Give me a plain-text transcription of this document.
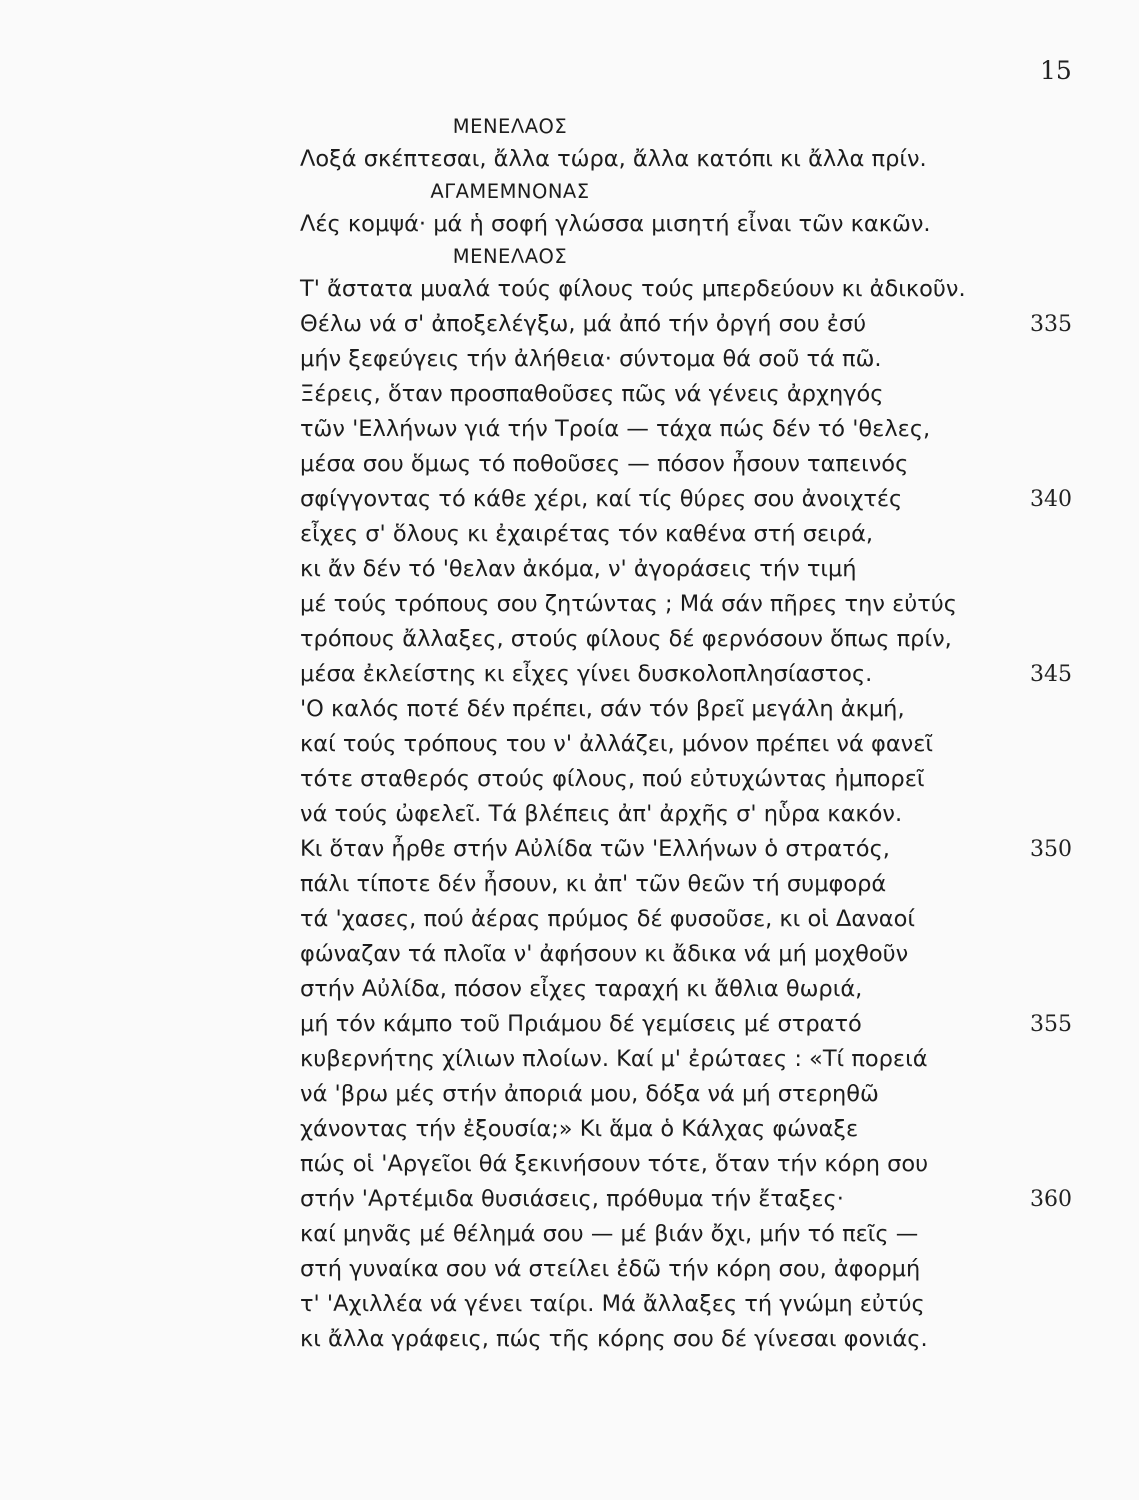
15
ΜΕΝΕΛΑΟΣ
Λοξά σκέπτεσαι, ἄλλα τώρα, ἄλλα κατόπι κι ἄλλα πρίν.
ΑΓΑΜΕΜΝΟΝΑΣ
Λές κομψά· μά ἡ σοφή γλώσσα μισητή εἶναι τῶν κακῶν.
ΜΕΝΕΛΑΟΣ
Τ' ἄστατα μυαλά τούς φίλους τούς μπερδεύουν κι ἀδικοῦν.
Θέλω νά σ' ἀποξελέγξω, μά ἀπό τήν ὀργή σου ἐσύ	335
μήν ξεφεύγεις τήν ἀλήθεια· σύντομα θά σοῦ τά πῶ.
Ξέρεις, ὅταν προσπαθοῦσες πῶς νά γένεις ἀρχηγός
τῶν 'Ελλήνων γιά τήν Τροία — τάχα πώς δέν τό 'θελες,
μέσα σου ὅμως τό ποθοῦσες — πόσον ἦσουν ταπεινός
σφίγγοντας τό κάθε χέρι, καί τίς θύρες σου ἀνοιχτές	340
εἶχες σ' ὅλους κι ἐχαιρέτας τόν καθένα στή σειρά,
κι ἄν δέν τό 'θελαν ἀκόμα, ν' ἀγοράσεις τήν τιμή
μέ τούς τρόπους σου ζητώντας ; Μά σάν πῆρες την εὐτύς
τρόπους ἄλλαξες, στούς φίλους δέ φερνόσουν ὅπως πρίν,
μέσα ἐκλείστης κι εἶχες γίνει δυσκολοπλησίαστος.	345
'Ο καλός ποτέ δέν πρέπει, σάν τόν βρεῖ μεγάλη ἀκμή,
καί τούς τρόπους του ν' ἀλλάζει, μόνον πρέπει νά φανεῖ
τότε σταθερός στούς φίλους, πού εὐτυχώντας ἠμπορεῖ
νά τούς ὠφελεῖ. Τά βλέπεις ἀπ' ἀρχῆς σ' ηὗρα κακόν.
Κι ὅταν ἦρθε στήν Αὐλίδα τῶν 'Ελλήνων ὁ στρατός,	350
πάλι τίποτε δέν ἦσουν, κι ἀπ' τῶν θεῶν τή συμφορά
τά 'χασες, πού ἀέρας πρύμος δέ φυσοῦσε, κι οἱ Δαναοί
φώναζαν τά πλοῖα ν' ἀφήσουν κι ἄδικα νά μή μοχθοῦν
στήν Αὐλίδα, πόσον εἶχες ταραχή κι ἄθλια θωριά,
μή τόν κάμπο τοῦ Πριάμου δέ γεμίσεις μέ στρατό	355
κυβερνήτης χίλιων πλοίων. Καί μ' ἐρώταες : «Τί πορειά
νά 'βρω μές στήν ἀποριά μου, δόξα νά μή στερηθῶ
χάνοντας τήν ἐξουσία;» Κι ἅμα ὁ Κάλχας φώναξε
πώς οἱ 'Αργεῖοι θά ξεκινήσουν τότε, ὅταν τήν κόρη σου
στήν 'Αρτέμιδα θυσιάσεις, πρόθυμα τήν ἔταξες·	360
καί μηνᾶς μέ θέλημά σου — μέ βιάν ὄχι, μήν τό πεῖς —
στή γυναίκα σου νά στείλει ἐδῶ τήν κόρη σου, ἀφορμή
τ' 'Αχιλλέα νά γένει ταίρι. Μά ἄλλαξες τή γνώμη εὐτύς
κι ἄλλα γράφεις, πώς τῆς κόρης σου δέ γίνεσαι φονιάς.
